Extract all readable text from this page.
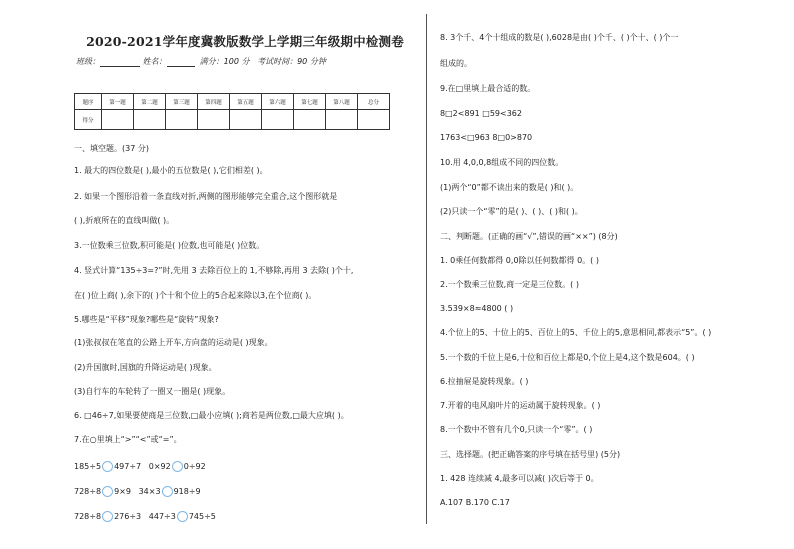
2020-2021学年度冀教版数学上学期三年级期中检测卷
班级：	姓名：	满分：100 分 考试时间：90 分钟
题序	第一题	第二题	第三题	第四题	第五题	第六题	第七题	第八题	总分
得分									
一、填空题。(37 分)
1. 最大的四位数是( ),最小的五位数是( ),它们相差( )。
2. 如果一个图形沿着一条直线对折,两侧的图形能够完全重合,这个图形就是
( ),折痕所在的直线叫做( )。
3.一位数乘三位数,积可能是( )位数,也可能是( )位数。
4. 竖式计算“135÷3=?”时,先用 3 去除百位上的 1,不够除,再用 3 去除( )个十,
在( )位上商( ),余下的( )个十和个位上的5合起来除以3,在个位商( )。
5.哪些是“平移”现象?哪些是“旋转”现象?
(1)张叔叔在笔直的公路上开车,方向盘的运动是( )现象。
(2)升国旗时,国旗的升降运动是( )现象。
(3)自行车的车轮转了一圈又一圈是( )现象。
6. □46÷7,如果要使商是三位数,□最小应填( );商若是两位数,□最大应填( )。
7.在○里填上“>”“<”或“=”。
185÷5 497÷7 0×92 0÷92
728÷8 9×9 34×3 918÷9
728÷8 276÷3 447÷3 745÷5
8. 3个千、4个十组成的数是( ),6028是由( )个千、( )个十、( )个一
组成的。
9.在□里填上最合适的数。
8□2<891 □59<362
1763<□963 8□0>870
10.用 4,0,0,8组成不同的四位数。
(1)两个“0”都不读出来的数是( )和( )。
(2)只读一个“零”的是( )、( )、( )和( )。
二、判断题。(正确的画“√”,错误的画“××”) (8分)
1. 0乘任何数都得 0,0除以任何数都得 0。( )
2.一个数乘三位数,商一定是三位数。( )
3.539×8≈4800 ( )
4.个位上的5、十位上的5、百位上的5、千位上的5,意思相同,都表示“5”。( )
5.一个数的千位上是6,十位和百位上都是0,个位上是4,这个数是604。( )
6.拉抽屉是旋转现象。( )
7.开着的电风扇叶片的运动属于旋转现象。( )
8.一个数中不管有几个0,只读一个“零”。( )
三、选择题。(把正确答案的序号填在括号里) (5分)
1. 428 连续减 4,最多可以减( )次后等于 0。
A.107 B.170 C.17
